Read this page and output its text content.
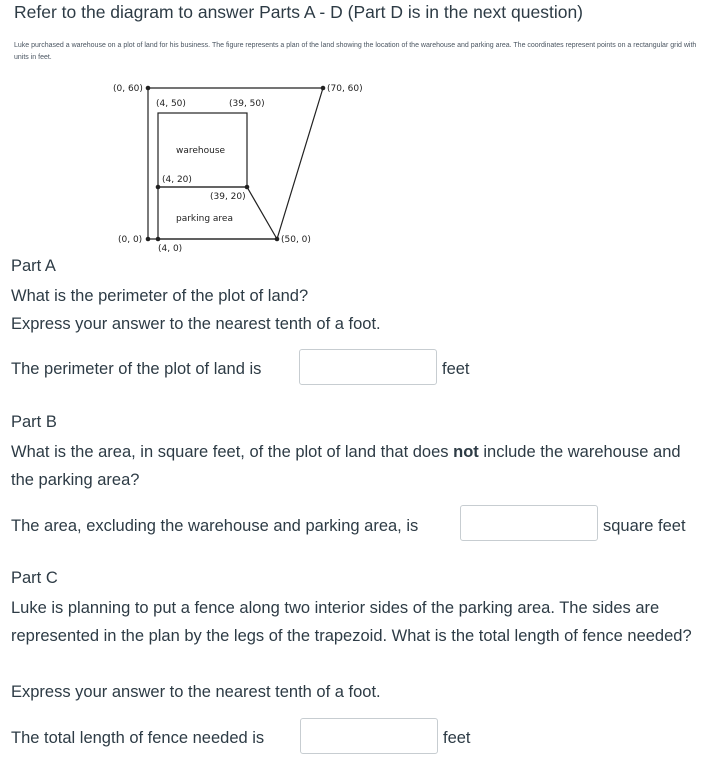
Refer to the diagram to answer Parts A - D (Part D is in the next question)
Luke purchased a warehouse on a plot of land for his business. The figure represents a plan of the land showing the location of the warehouse and parking area. The coordinates represent points on a rectangular grid with units in feet.
(0, 60)
(4, 50)	(39, 50)
(70, 60)
warehouse
(4, 20)
(39, 20)
parking area
(0, 0)
(4, 0)
(50, 0)
Part A
What is the perimeter of the plot of land?
Express your answer to the nearest tenth of a foot.
The perimeter of the plot of land is	feet
Part B
What is the area, in square feet, of the plot of land that does not include the warehouse and the parking area?
The area, excluding the warehouse and parking area, is	square feet
Part C
Luke is planning to put a fence along two interior sides of the parking area. The sides are represented in the plan by the legs of the trapezoid. What is the total length of fence needed?
Express your answer to the nearest tenth of a foot.
The total length of fence needed is	feet
